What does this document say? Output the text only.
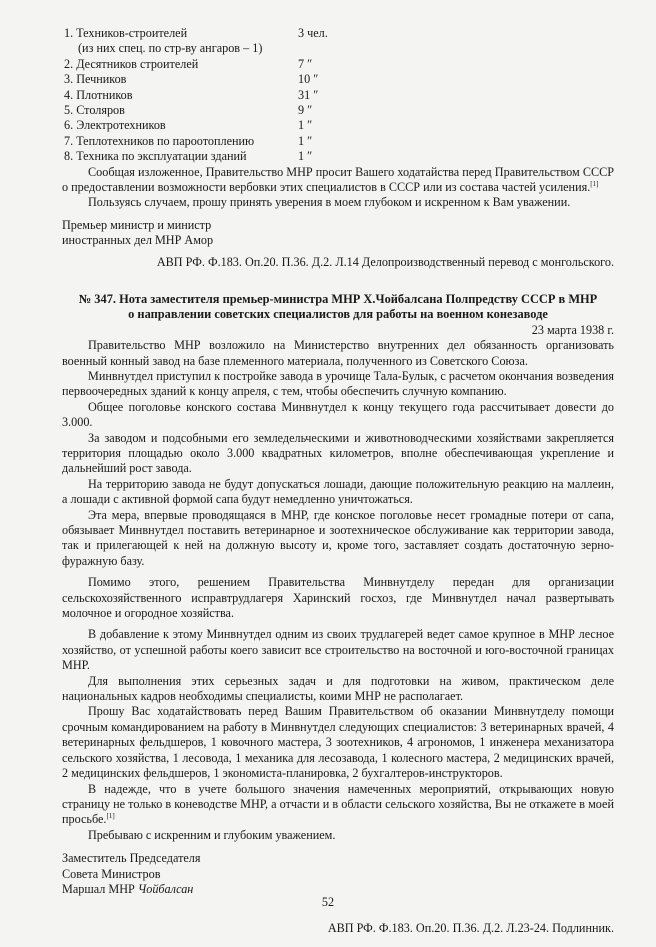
1. Техников-строителей	3 чел.
(из них спец. по стр-ву ангаров – 1)
2. Десятников строителей	7 ″
3. Печников	10 ″
4. Плотников	31 ″
5. Столяров	9 ″
6. Электротехников	1 ″
7. Теплотехников по пароотоплению	1 ″
8. Техника по эксплуатации зданий	1 ″

Сообщая изложенное, Правительство МНР просит Вашего ходатайства перед Правительством СССР о предоставлении возможности вербовки этих специалистов в СССР или из состава частей усиления.[1]

Пользуясь случаем, прошу принять уверения в моем глубоком и искренном к Вам уважении.

Премьер министр и министр
иностранных дел МНР Амор
АВП РФ. Ф.183. Оп.20. П.36. Д.2. Л.14 Делопроизводственный перевод с монгольского.
№ 347. Нота заместителя премьер-министра МНР Х.Чойбалсана Полпредству СССР в МНР
о направлении советских специалистов для работы на военном конезаводе
23 марта 1938 г.

Правительство МНР возложило на Министерство внутренних дел обязанность организовать военный конный завод на базе племенного материала, полученного из Советского Союза.

Минвнутдел приступил к постройке завода в урочище Тала-Булык, с расчетом окончания возведения первоочередных зданий к концу апреля, с тем, чтобы обеспечить случную компанию.

Общее поголовье конского состава Минвнутдел к концу текущего года рассчитывает довести до 3.000.

За заводом и подсобными его земледельческими и животноводческими хозяйствами закрепляется территория площадью около 3.000 квадратных километров, вполне обеспечивающая укрепление и дальнейший рост завода.

На территорию завода не будут допускаться лошади, дающие положительную реакцию на маллеин, а лошади с активной формой сапа будут немедленно уничтожаться.

Эта мера, впервые проводящаяся в МНР, где конское поголовье несет громадные потери от сапа, обязывает Минвнутдел поставить ветеринарное и зоотехническое обслуживание как территории завода, так и прилегающей к ней на должную высоту и, кроме того, заставляет создать достаточную зерно-фуражную базу.

Помимо этого, решением Правительства Минвнутделу передан для организации сельскохозяйственного исправтрудлагеря Харинский госхоз, где Минвнутдел начал развертывать молочное и огородное хозяйства.

В добавление к этому Минвнутдел одним из своих трудлагерей ведет самое крупное в МНР лесное хозяйство, от успешной работы коего зависит все строительство на восточной и юго-восточной границах МНР.

Для выполнения этих серьезных задач и для подготовки на живом, практическом деле национальных кадров необходимы специалисты, коими МНР не располагает.

Прошу Вас ходатайствовать перед Вашим Правительством об оказании Минвнутделу помощи срочным командированием на работу в Минвнутдел следующих специалистов: 3 ветеринарных врачей, 4 ветеринарных фельдшеров, 1 ковочного мастера, 3 зоотехников, 4 агрономов, 1 инженера механизатора сельского хозяйства, 1 лесовода, 1 механика для лесозавода, 1 колесного мастера, 2 медицинских врачей, 2 медицинских фельдшеров, 1 экономиста-планировка, 2 бухгалтеров-инструкторов.

В надежде, что в учете большого значения намеченных мероприятий, открывающих новую страницу не только в коневодстве МНР, а отчасти и в области сельского хозяйства, Вы не откажете в моей просьбе.[1]

Пребываю с искренним и глубоким уважением.

Заместитель Председателя
Совета Министров
Маршал МНР Чойбалсан
АВП РФ. Ф.183. Оп.20. П.36. Д.2. Л.23-24. Подлинник.
52
